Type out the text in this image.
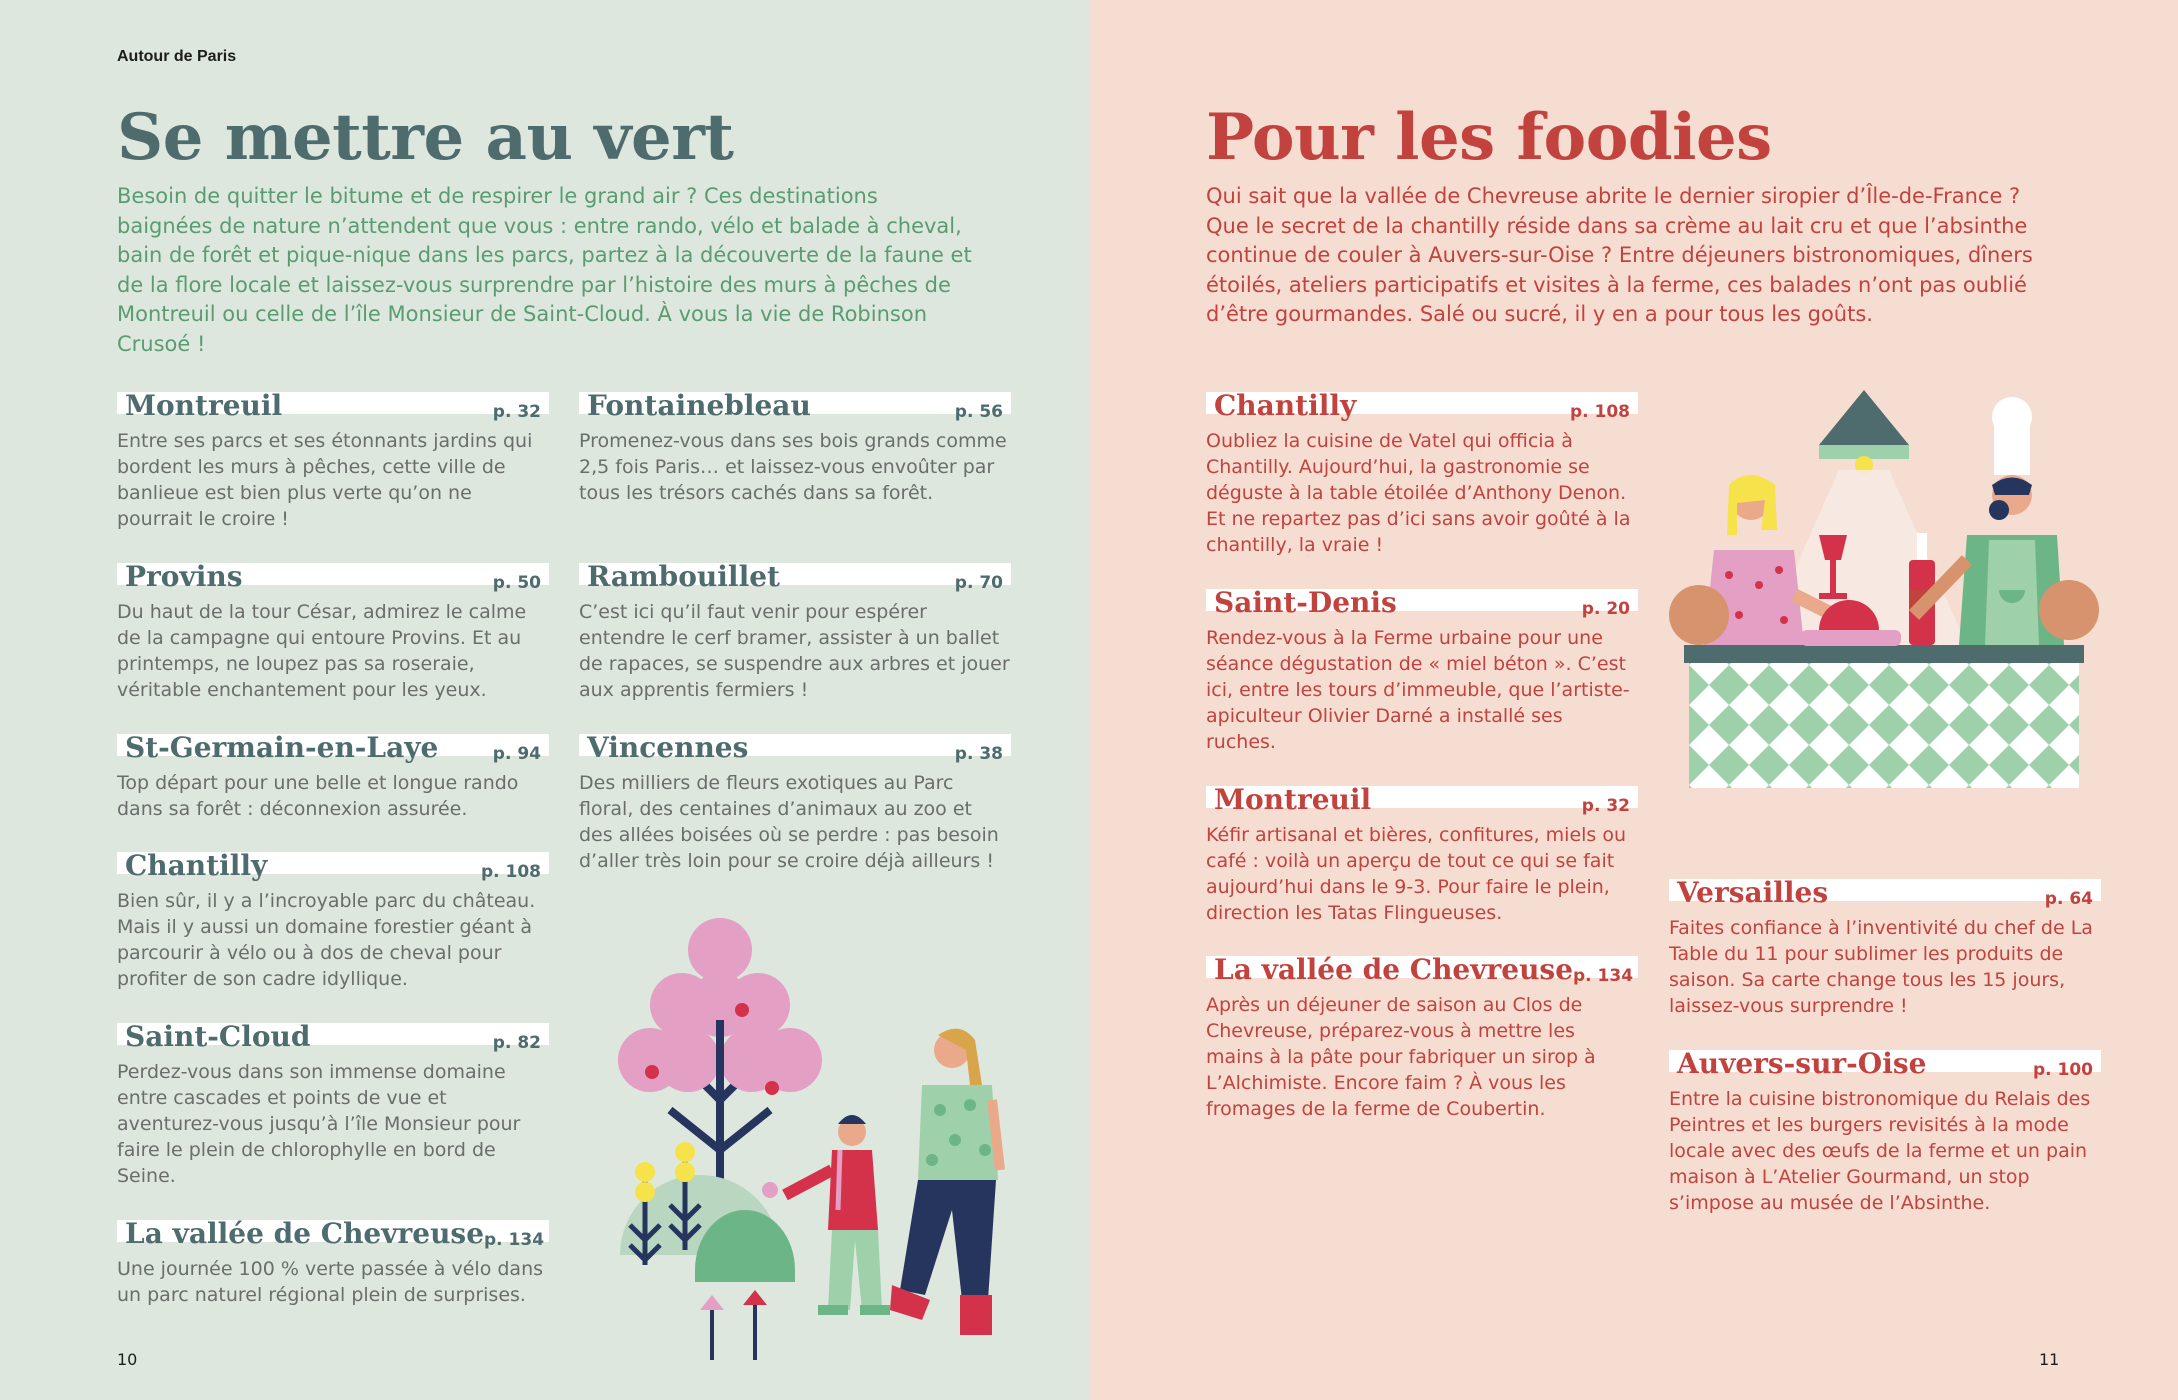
Autour de Paris
Se mettre au vert
Besoin de quitter le bitume et de respirer le grand air ? Ces destinations baignées de nature n’attendent que vous : entre rando, vélo et balade à cheval, bain de forêt et pique-nique dans les parcs, partez à la découverte de la faune et de la flore locale et laissez-vous surprendre par l’histoire des murs à pêches de Montreuil ou celle de l’île Monsieur de Saint-Cloud. À vous la vie de Robinson Crusoé !
Montreuil	p. 32
Entre ses parcs et ses étonnants jardins qui bordent les murs à pêches, cette ville de banlieue est bien plus verte qu’on ne pourrait le croire !
Provins	p. 50
Du haut de la tour César, admirez le calme de la campagne qui entoure Provins. Et au printemps, ne loupez pas sa roseraie, véritable enchantement pour les yeux.
St-Germain-en-Laye	p. 94
Top départ pour une belle et longue rando dans sa forêt : déconnexion assurée.
Chantilly	p. 108
Bien sûr, il y a l’incroyable parc du château. Mais il y aussi un domaine forestier géant à parcourir à vélo ou à dos de cheval pour profiter de son cadre idyllique.
Saint-Cloud	p. 82
Perdez-vous dans son immense domaine entre cascades et points de vue et aventurez-vous jusqu’à l’île Monsieur pour faire le plein de chlorophylle en bord de Seine.
La vallée de Chevreuse p. 134
Une journée 100 % verte passée à vélo dans un parc naturel régional plein de surprises.
Fontainebleau	p. 56
Promenez-vous dans ses bois grands comme 2,5 fois Paris… et laissez-vous envoûter par tous les trésors cachés dans sa forêt.
Rambouillet	p. 70
C’est ici qu’il faut venir pour espérer entendre le cerf bramer, assister à un ballet de rapaces, se suspendre aux arbres et jouer aux apprentis fermiers !
Vincennes	p. 38
Des milliers de fleurs exotiques au Parc floral, des centaines d’animaux au zoo et des allées boisées où se perdre : pas besoin d’aller très loin pour se croire déjà ailleurs !
10
Pour les foodies
Qui sait que la vallée de Chevreuse abrite le dernier siropier d’Île-de-France ? Que le secret de la chantilly réside dans sa crème au lait cru et que l’absinthe continue de couler à Auvers-sur-Oise ? Entre déjeuners bistronomiques, dîners étoilés, ateliers participatifs et visites à la ferme, ces balades n’ont pas oublié d’être gourmandes. Salé ou sucré, il y en a pour tous les goûts.
Chantilly	p. 108
Oubliez la cuisine de Vatel qui officia à Chantilly. Aujourd’hui, la gastronomie se déguste à la table étoilée d’Anthony Denon. Et ne repartez pas d’ici sans avoir goûté à la chantilly, la vraie !
Saint-Denis	p. 20
Rendez-vous à la Ferme urbaine pour une séance dégustation de « miel béton ». C’est ici, entre les tours d’immeuble, que l’artiste-apiculteur Olivier Darné a installé ses ruches.
Montreuil	p. 32
Kéfir artisanal et bières, confitures, miels ou café : voilà un aperçu de tout ce qui se fait aujourd’hui dans le 9-3. Pour faire le plein, direction les Tatas Flingueuses.
La vallée de Chevreuse p. 134
Après un déjeuner de saison au Clos de Chevreuse, préparez-vous à mettre les mains à la pâte pour fabriquer un sirop à L’Alchimiste. Encore faim ? À vous les fromages de la ferme de Coubertin.
Versailles	p. 64
Faites confiance à l’inventivité du chef de La Table du 11 pour sublimer les produits de saison. Sa carte change tous les 15 jours, laissez-vous surprendre !
Auvers-sur-Oise	p. 100
Entre la cuisine bistronomique du Relais des Peintres et les burgers revisités à la mode locale avec des œufs de la ferme et un pain maison à L’Atelier Gourmand, un stop s’impose au musée de l’Absinthe.
11
